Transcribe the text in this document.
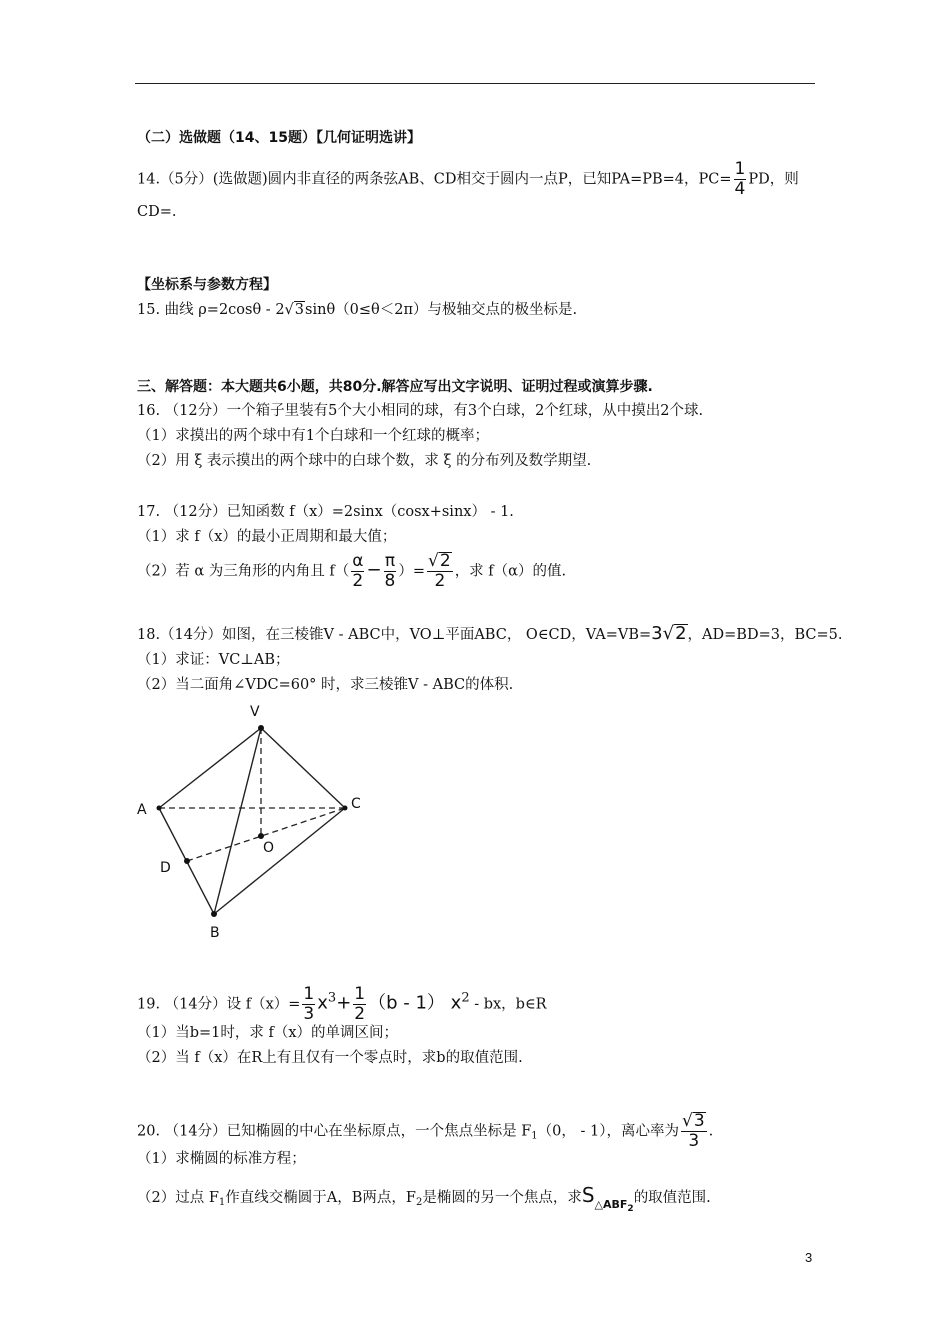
（二）选做题（14、15题）【几何证明选讲】
14.（5分）(选做题)圆内非直径的两条弦AB、CD相交于圆内一点P，已知PA=PB=4，$PC= \frac{1}{4}$ PD，则
CD=.
【坐标系与参数方程】
15. 曲线 ρ=2cosθ - 2√3sinθ（0≤θ＜2π）与极轴交点的极坐标是.
三、解答题：本大题共6小题，共80分.解答应写出文字说明、证明过程或演算步骤.
16. （12分）一个箱子里装有5个大小相同的球，有3个白球，2个红球，从中摸出2个球.
（1）求摸出的两个球中有1个白球和一个红球的概率；
（2）用 ξ 表示摸出的两个球中的白球个数，求 ξ 的分布列及数学期望.
17. （12分）已知函数 f（x）=2sinx（cosx+sinx） - 1.
（1）求 f（x）的最小正周期和最大值；
（2）若 α 为三角形的内角且 $f( \frac{\alpha}{2} - \frac{\pi}{8}$ ）= $\frac{√2}{2}$ ，求 f（α）的值.
18.（14分）如图，在三棱锥V - ABC中，VO⊥平面ABC， O∈CD，VA=VB=3√2，AD=BD=3，BC=5.
（1）求证：VC⊥AB；
（2）当二面角∠VDC=60° 时，求三棱锥V - ABC的体积.
V
A	C
O
D
B
19. （14分）设 $f(x)= \frac{1}{3} x^3+ \frac{1}{2} (b - 1)$ $x^2$ - bx，b∈R
（1）当b=1时，求 f（x）的单调区间；
（2）当 f（x）在R上有且仅有一个零点时，求b的取值范围.
20. （14分）已知椭圆的中心在坐标原点，一个焦点坐标是 $F_1(0$， - 1），离心率为 $\frac{√3}{3}$ .
（1）求椭圆的标准方程；
（2）过点 $F_1$作直线交椭圆于A，B两点，$F_2$是椭圆的另一个焦点，求$S_{\triangle ABF_2}$的取值范围.
3
